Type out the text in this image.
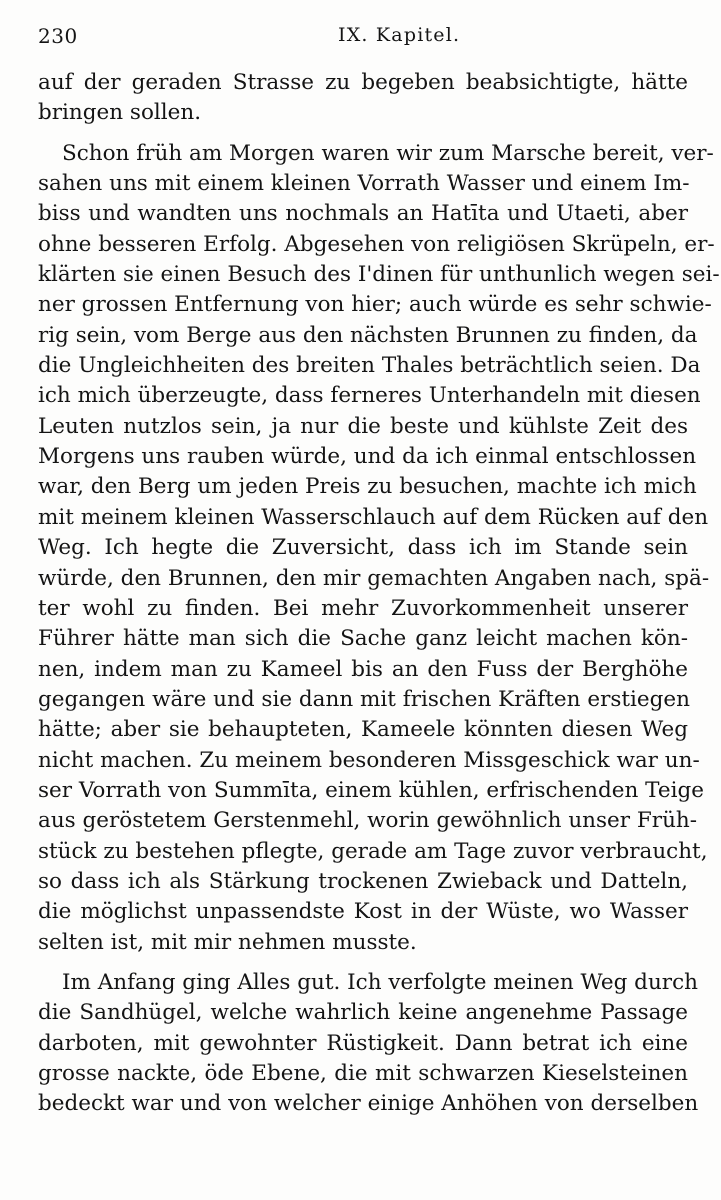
230	IX. Kapitel.
auf der geraden Strasse zu begeben beabsichtigte, hätte
bringen sollen.
Schon früh am Morgen waren wir zum Marsche bereit, ver-
sahen uns mit einem kleinen Vorrath Wasser und einem Im-
biss und wandten uns nochmals an Hatīta und Utaeti, aber
ohne besseren Erfolg. Abgesehen von religiösen Skrüpeln, er-
klärten sie einen Besuch des I'dinen für unthunlich wegen sei-
ner grossen Entfernung von hier; auch würde es sehr schwie-
rig sein, vom Berge aus den nächsten Brunnen zu finden, da
die Ungleichheiten des breiten Thales beträchtlich seien. Da
ich mich überzeugte, dass ferneres Unterhandeln mit diesen
Leuten nutzlos sein, ja nur die beste und kühlste Zeit des
Morgens uns rauben würde, und da ich einmal entschlossen
war, den Berg um jeden Preis zu besuchen, machte ich mich
mit meinem kleinen Wasserschlauch auf dem Rücken auf den
Weg. Ich hegte die Zuversicht, dass ich im Stande sein
würde, den Brunnen, den mir gemachten Angaben nach, spä-
ter wohl zu finden. Bei mehr Zuvorkommenheit unserer
Führer hätte man sich die Sache ganz leicht machen kön-
nen, indem man zu Kameel bis an den Fuss der Berghöhe
gegangen wäre und sie dann mit frischen Kräften erstiegen
hätte; aber sie behaupteten, Kameele könnten diesen Weg
nicht machen. Zu meinem besonderen Missgeschick war un-
ser Vorrath von Summīta, einem kühlen, erfrischenden Teige
aus geröstetem Gerstenmehl, worin gewöhnlich unser Früh-
stück zu bestehen pflegte, gerade am Tage zuvor verbraucht,
so dass ich als Stärkung trockenen Zwieback und Datteln,
die möglichst unpassendste Kost in der Wüste, wo Wasser
selten ist, mit mir nehmen musste.
Im Anfang ging Alles gut. Ich verfolgte meinen Weg durch
die Sandhügel, welche wahrlich keine angenehme Passage
darboten, mit gewohnter Rüstigkeit. Dann betrat ich eine
grosse nackte, öde Ebene, die mit schwarzen Kieselsteinen
bedeckt war und von welcher einige Anhöhen von derselben
